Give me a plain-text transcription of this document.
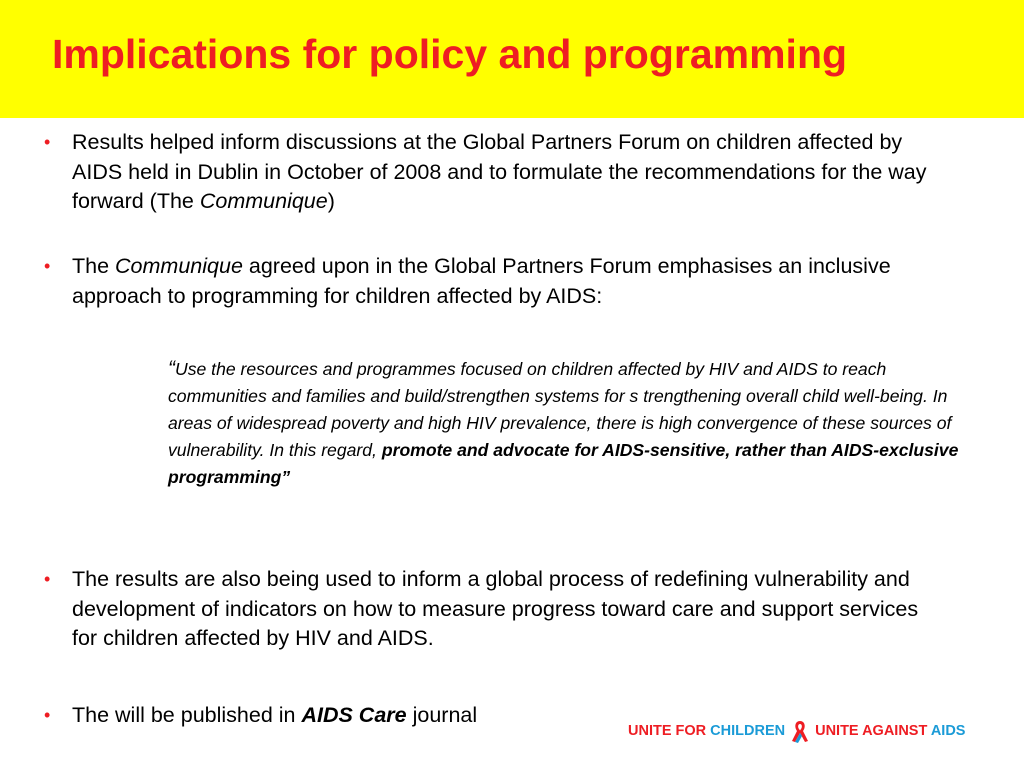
Implications for policy and programming
• Results helped inform discussions at the Global Partners Forum on children affected by AIDS held in Dublin in October of 2008 and to formulate the recommendations for the way forward (The Communique)
• The Communique agreed upon in the Global Partners Forum emphasises an inclusive approach to programming for children affected by AIDS:
“Use the resources and programmes focused on children affected by HIV and AIDS to reach communities and families and build/strengthen systems for s trengthening overall child well-being. In areas of widespread poverty and high HIV prevalence, there is high convergence of these sources of vulnerability. In this regard, promote and advocate for AIDS-sensitive, rather than AIDS-exclusive programming”
• The results are also being used to inform a global process of redefining vulnerability and development of indicators on how to measure progress toward care and support services for children affected by HIV and AIDS.
• The will be published in AIDS Care journal
UNITE FOR CHILDREN UNITE AGAINST AIDS
